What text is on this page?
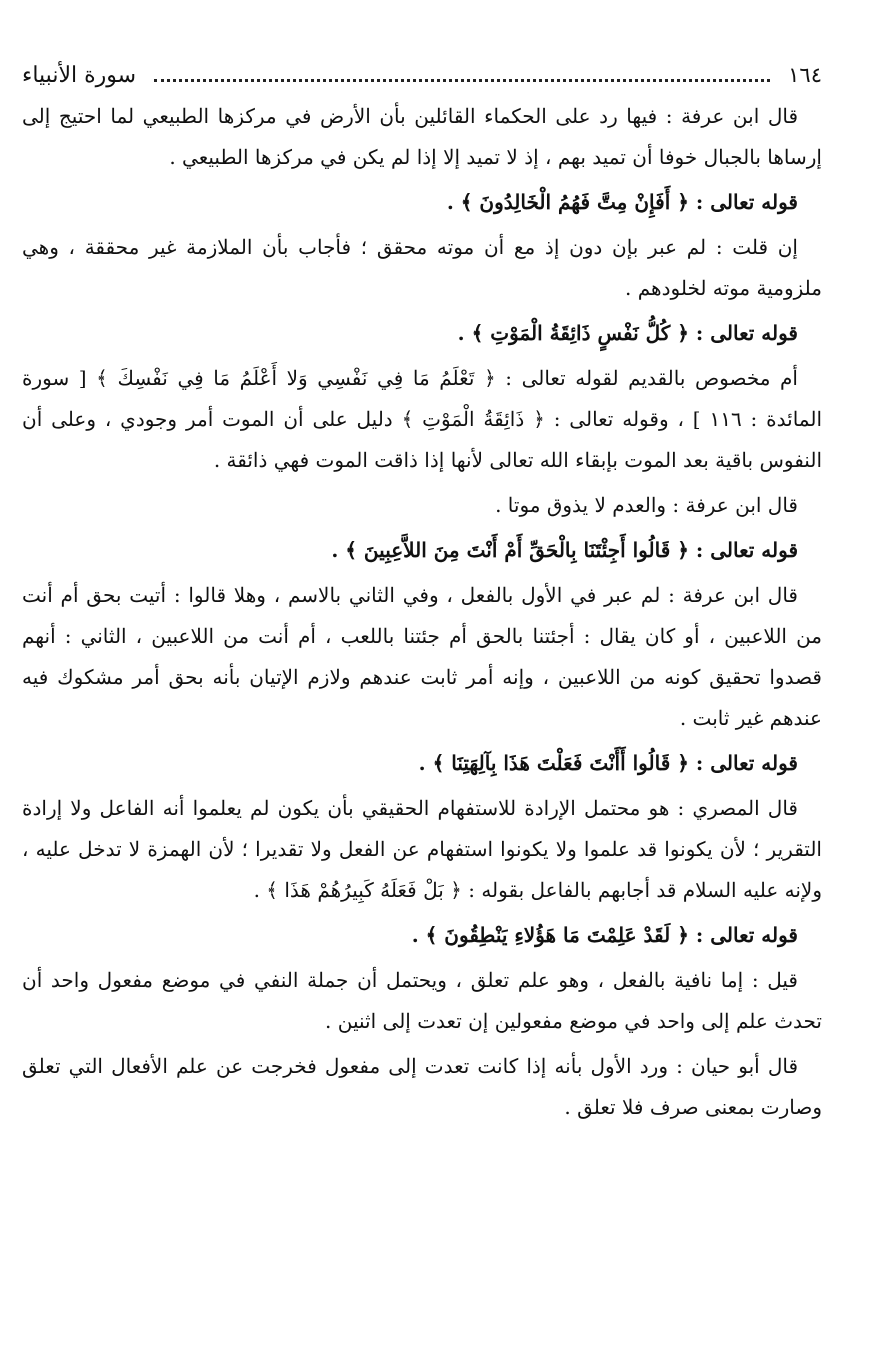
١٦٤
سورة الأنبياء

قال ابن عرفة : فيها رد على الحكماء القائلين بأن الأرض في مركزها الطبيعي لما احتيج إلى إرساها بالجبال خوفا أن تميد بهم ، إذ لا تميد إلا إذا لم يكن في مركزها الطبيعي .

قوله تعالى : ﴿ أَفَإِنْ مِتَّ فَهُمُ الْخَالِدُونَ ﴾ .

إن قلت : لم عبر بإن دون إذ مع أن موته محقق ؛ فأجاب بأن الملازمة غير محققة ، وهي ملزومية موته لخلودهم .

قوله تعالى : ﴿ كُلُّ نَفْسٍ ذَائِقَةُ الْمَوْتِ ﴾ .

أم مخصوص بالقديم لقوله تعالى : ﴿ تَعْلَمُ مَا فِي نَفْسِي وَلا أَعْلَمُ مَا فِي نَفْسِكَ ﴾ [ سورة المائدة : ١١٦ ] ، وقوله تعالى : ﴿ ذَائِقَةُ الْمَوْتِ ﴾ دليل على أن الموت أمر وجودي ، وعلى أن النفوس باقية بعد الموت بإبقاء الله تعالى لأنها إذا ذاقت الموت فهي ذائقة .

قال ابن عرفة : والعدم لا يذوق موتا .

قوله تعالى : ﴿ قَالُوا أَجِئْتَنَا بِالْحَقِّ أَمْ أَنْتَ مِنَ اللاَّعِبِينَ ﴾ .

قال ابن عرفة : لم عبر في الأول بالفعل ، وفي الثاني بالاسم ، وهلا قالوا : أتيت بحق أم أنت من اللاعبين ، أو كان يقال : أجئتنا بالحق أم جئتنا باللعب ، أم أنت من اللاعبين ، الثاني : أنهم قصدوا تحقيق كونه من اللاعبين ، وإنه أمر ثابت عندهم ولازم الإتيان بأنه بحق أمر مشكوك فيه عندهم غير ثابت .

قوله تعالى : ﴿ قَالُوا أَأَنْتَ فَعَلْتَ هَذَا بِآلِهَتِنَا ﴾ .

قال المصري : هو محتمل الإرادة للاستفهام الحقيقي بأن يكون لم يعلموا أنه الفاعل ولا إرادة التقرير ؛ لأن يكونوا قد علموا ولا يكونوا استفهام عن الفعل ولا تقديرا ؛ لأن الهمزة لا تدخل عليه ، ولإنه عليه السلام قد أجابهم بالفاعل بقوله : ﴿ بَلْ فَعَلَهُ كَبِيرُهُمْ هَذَا ﴾ .

قوله تعالى : ﴿ لَقَدْ عَلِمْتَ مَا هَؤُلاءِ يَنْطِقُونَ ﴾ .

قيل : إما نافية بالفعل ، وهو علم تعلق ، ويحتمل أن جملة النفي في موضع مفعول واحد أن تحدث علم إلى واحد في موضع مفعولين إن تعدت إلى اثنين .

قال أبو حيان : ورد الأول بأنه إذا كانت تعدت إلى مفعول فخرجت عن علم الأفعال التي تعلق وصارت بمعنى صرف فلا تعلق .
